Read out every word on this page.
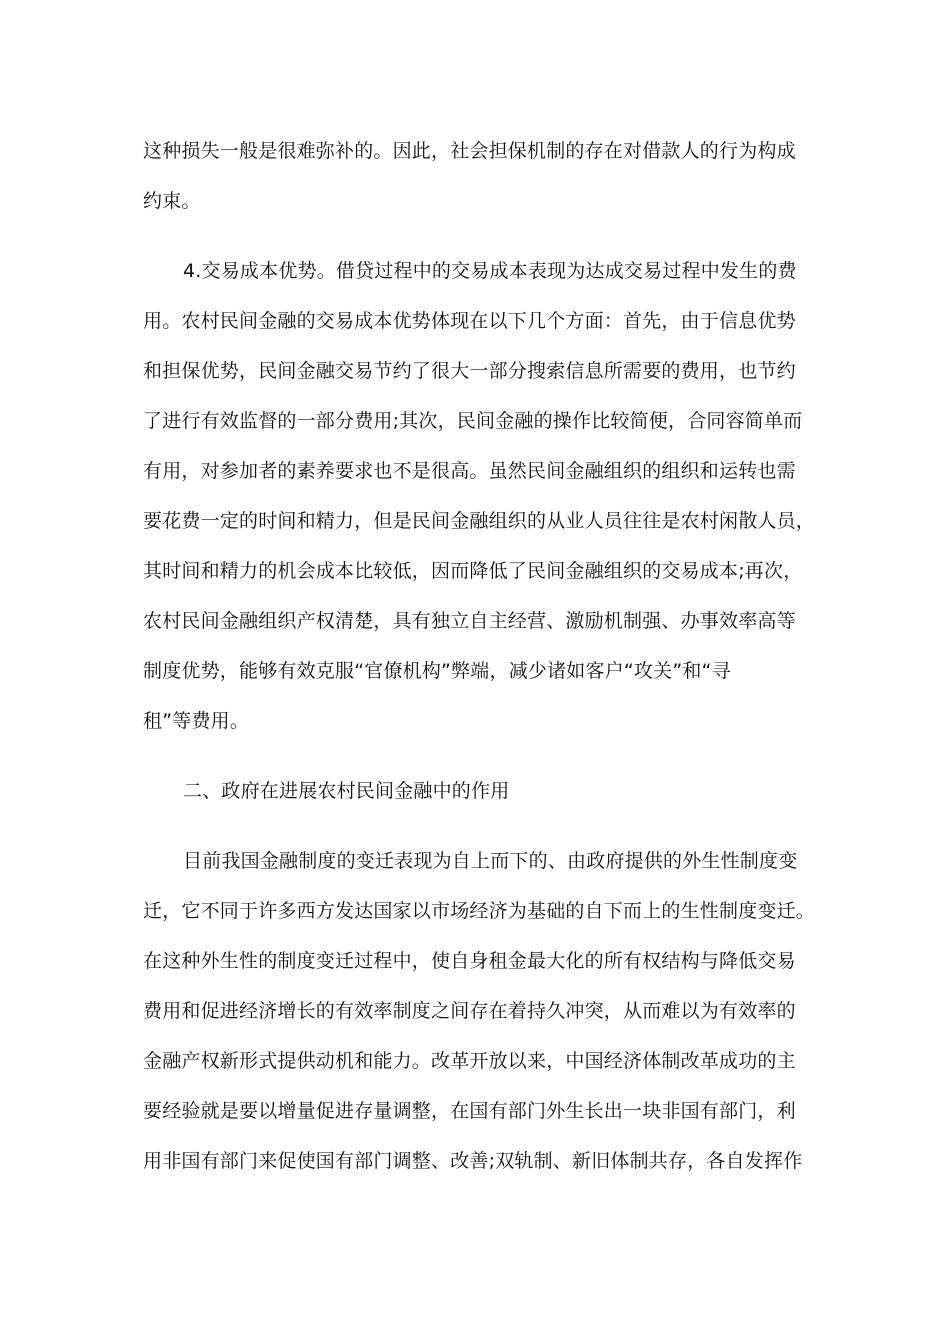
这种损失一般是很难弥补的。因此，社会担保机制的存在对借款人的行为构成
约束。
4.交易成本优势。借贷过程中的交易成本表现为达成交易过程中发生的费
用。农村民间金融的交易成本优势体现在以下几个方面：首先，由于信息优势
和担保优势，民间金融交易节约了很大一部分搜索信息所需要的费用，也节约
了进行有效监督的一部分费用;其次，民间金融的操作比较简便，合同容简单而
有用，对参加者的素养要求也不是很高。虽然民间金融组织的组织和运转也需
要花费一定的时间和精力，但是民间金融组织的从业人员往往是农村闲散人员，
其时间和精力的机会成本比较低，因而降低了民间金融组织的交易成本;再次，
农村民间金融组织产权清楚，具有独立自主经营、激励机制强、办事效率高等
制度优势，能够有效克服“官僚机构”弊端，减少诸如客户“攻关”和“寻
租”等费用。
二、政府在进展农村民间金融中的作用
目前我国金融制度的变迁表现为自上而下的、由政府提供的外生性制度变
迁，它不同于许多西方发达国家以市场经济为基础的自下而上的生性制度变迁。
在这种外生性的制度变迁过程中，使自身租金最大化的所有权结构与降低交易
费用和促进经济增长的有效率制度之间存在着持久冲突，从而难以为有效率的
金融产权新形式提供动机和能力。改革开放以来，中国经济体制改革成功的主
要经验就是要以增量促进存量调整，在国有部门外生长出一块非国有部门，利
用非国有部门来促使国有部门调整、改善;双轨制、新旧体制共存，各自发挥作
